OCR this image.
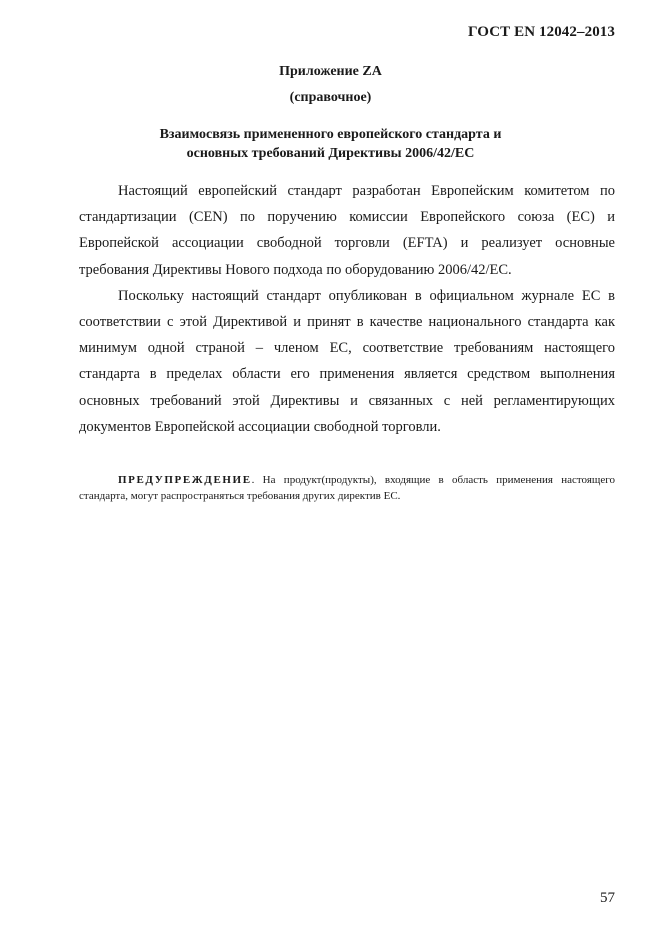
ГОСТ EN 12042–2013
Приложение ZA
(справочное)
Взаимосвязь примененного европейского стандарта и
основных требований Директивы 2006/42/ЕС

Настоящий европейский стандарт разработан Европейским комитетом по стандартизации (CEN) по поручению комиссии Европейского союза (ЕС) и Европейской ассоциации свободной торговли (EFTA) и реализует основные требования Директивы Нового подхода по оборудованию 2006/42/ЕС.

Поскольку настоящий стандарт опубликован в официальном журнале ЕС в соответствии с этой Директивой и принят в качестве национального стандарта как минимум одной страной – членом ЕС, соответствие требованиям настоящего стандарта в пределах области его применения является средством выполнения основных требований этой Директивы и связанных с ней регламентирующих документов Европейской ассоциации свободной торговли.

ПРЕДУПРЕЖДЕНИЕ. На продукт(продукты), входящие в область применения настоящего стандарта, могут распространяться требования других директив ЕС.

57
